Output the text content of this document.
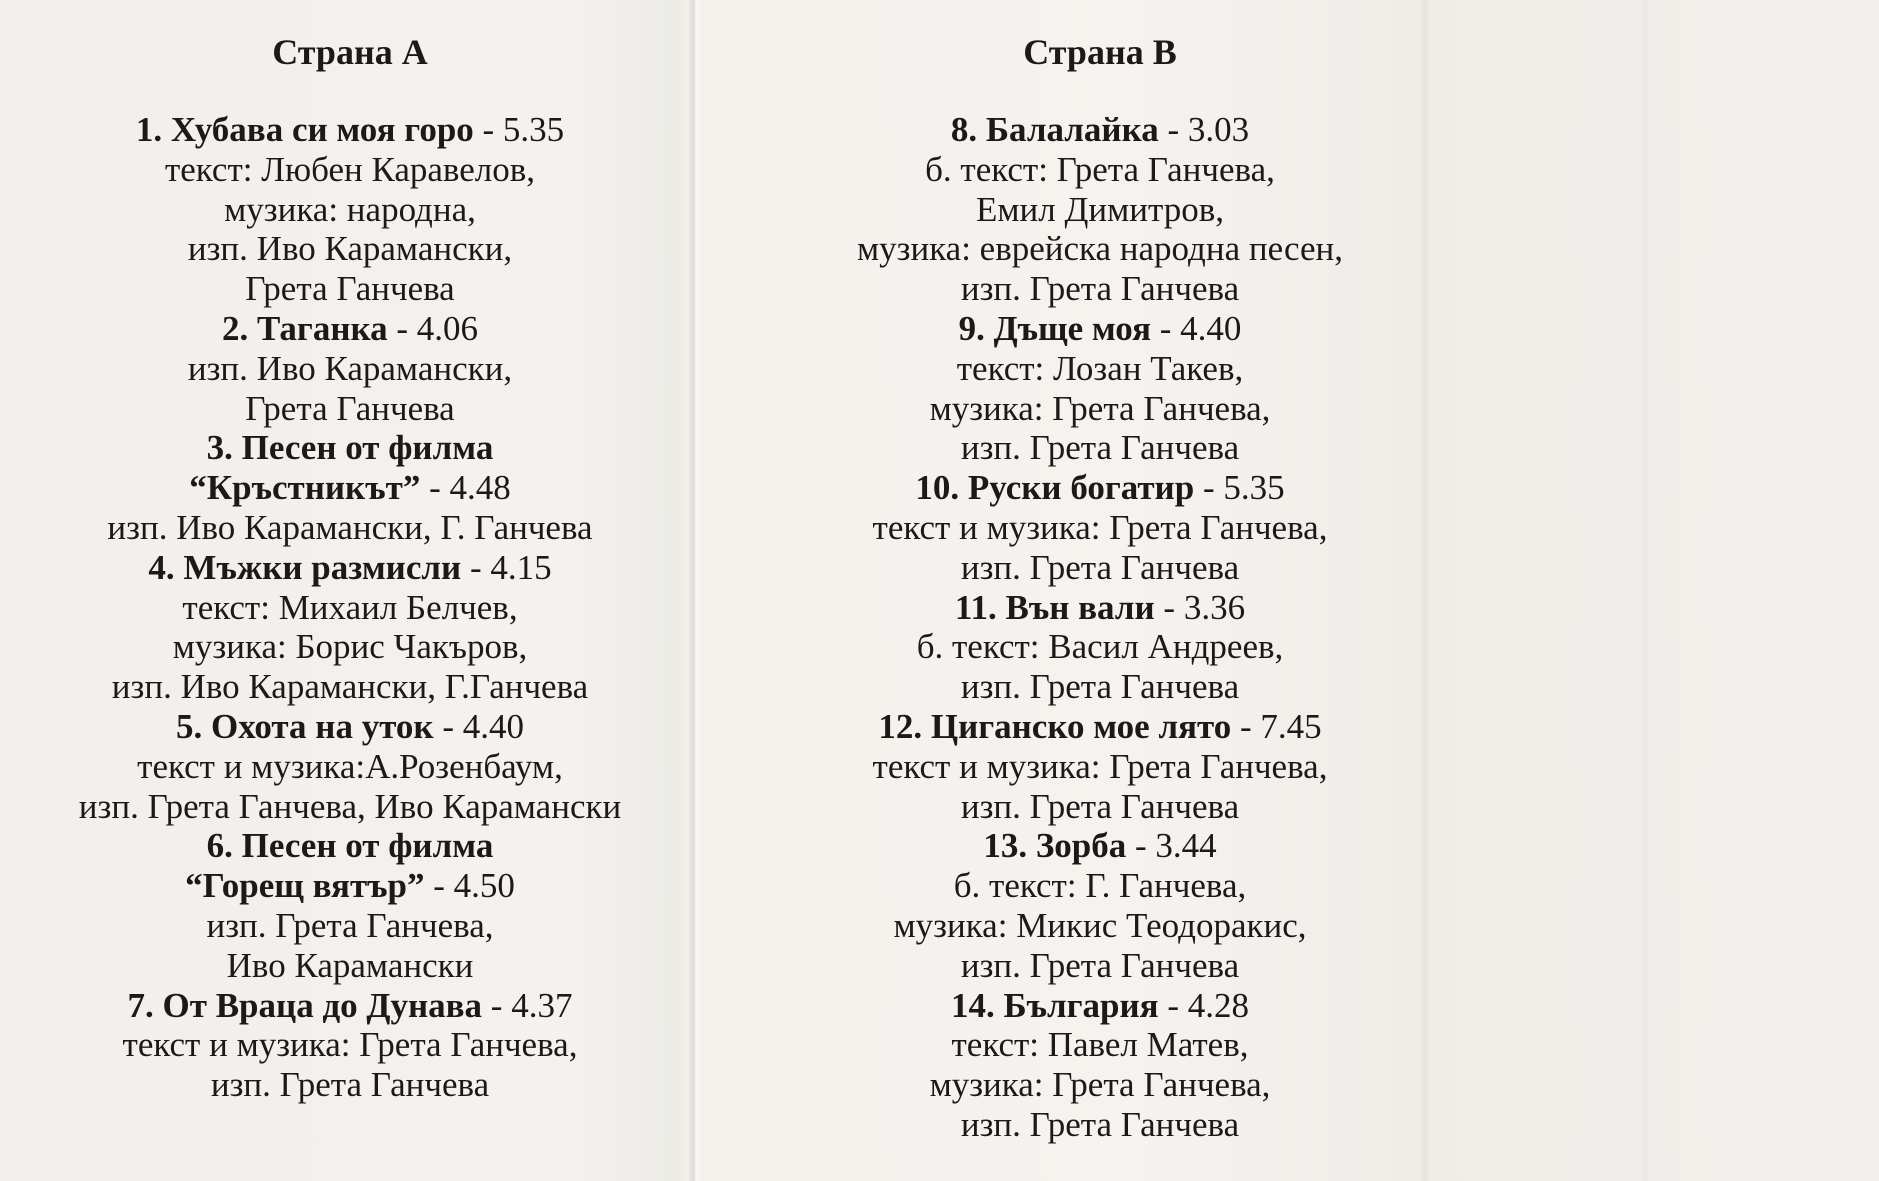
Страна А
1. Хубава си моя горо - 5.35
текст: Любен Каравелов,
музика: народна,
изп. Иво Карамански,
Грета Ганчева
2. Таганка - 4.06
изп. Иво Карамански,
Грета Ганчева
3. Песен от филма
“Кръстникът” - 4.48
изп. Иво Карамански, Г. Ганчева
4. Мъжки размисли - 4.15
текст: Михаил Белчев,
музика: Борис Чакъров,
изп. Иво Карамански, Г.Ганчева
5. Охота на уток - 4.40
текст и музика:А.Розенбаум,
изп. Грета Ганчева, Иво Карамански
6. Песен от филма
“Горещ вятър” - 4.50
изп. Грета Ганчева,
Иво Карамански
7. От Враца до Дунава - 4.37
текст и музика: Грета Ганчева,
изп. Грета Ганчева
Страна В
8. Балалайка - 3.03
б. текст: Грета Ганчева,
Емил Димитров,
музика: еврейска народна песен,
изп. Грета Ганчева
9. Дъще моя - 4.40
текст: Лозан Такев,
музика: Грета Ганчева,
изп. Грета Ганчева
10. Руски богатир - 5.35
текст и музика: Грета Ганчева,
изп. Грета Ганчева
11. Вън вали - 3.36
б. текст: Васил Андреев,
изп. Грета Ганчева
12. Циганско мое лято - 7.45
текст и музика: Грета Ганчева,
изп. Грета Ганчева
13. Зорба - 3.44
б. текст: Г. Ганчева,
музика: Микис Теодоракис,
изп. Грета Ганчева
14. България - 4.28
текст: Павел Матев,
музика: Грета Ганчева,
изп. Грета Ганчева
